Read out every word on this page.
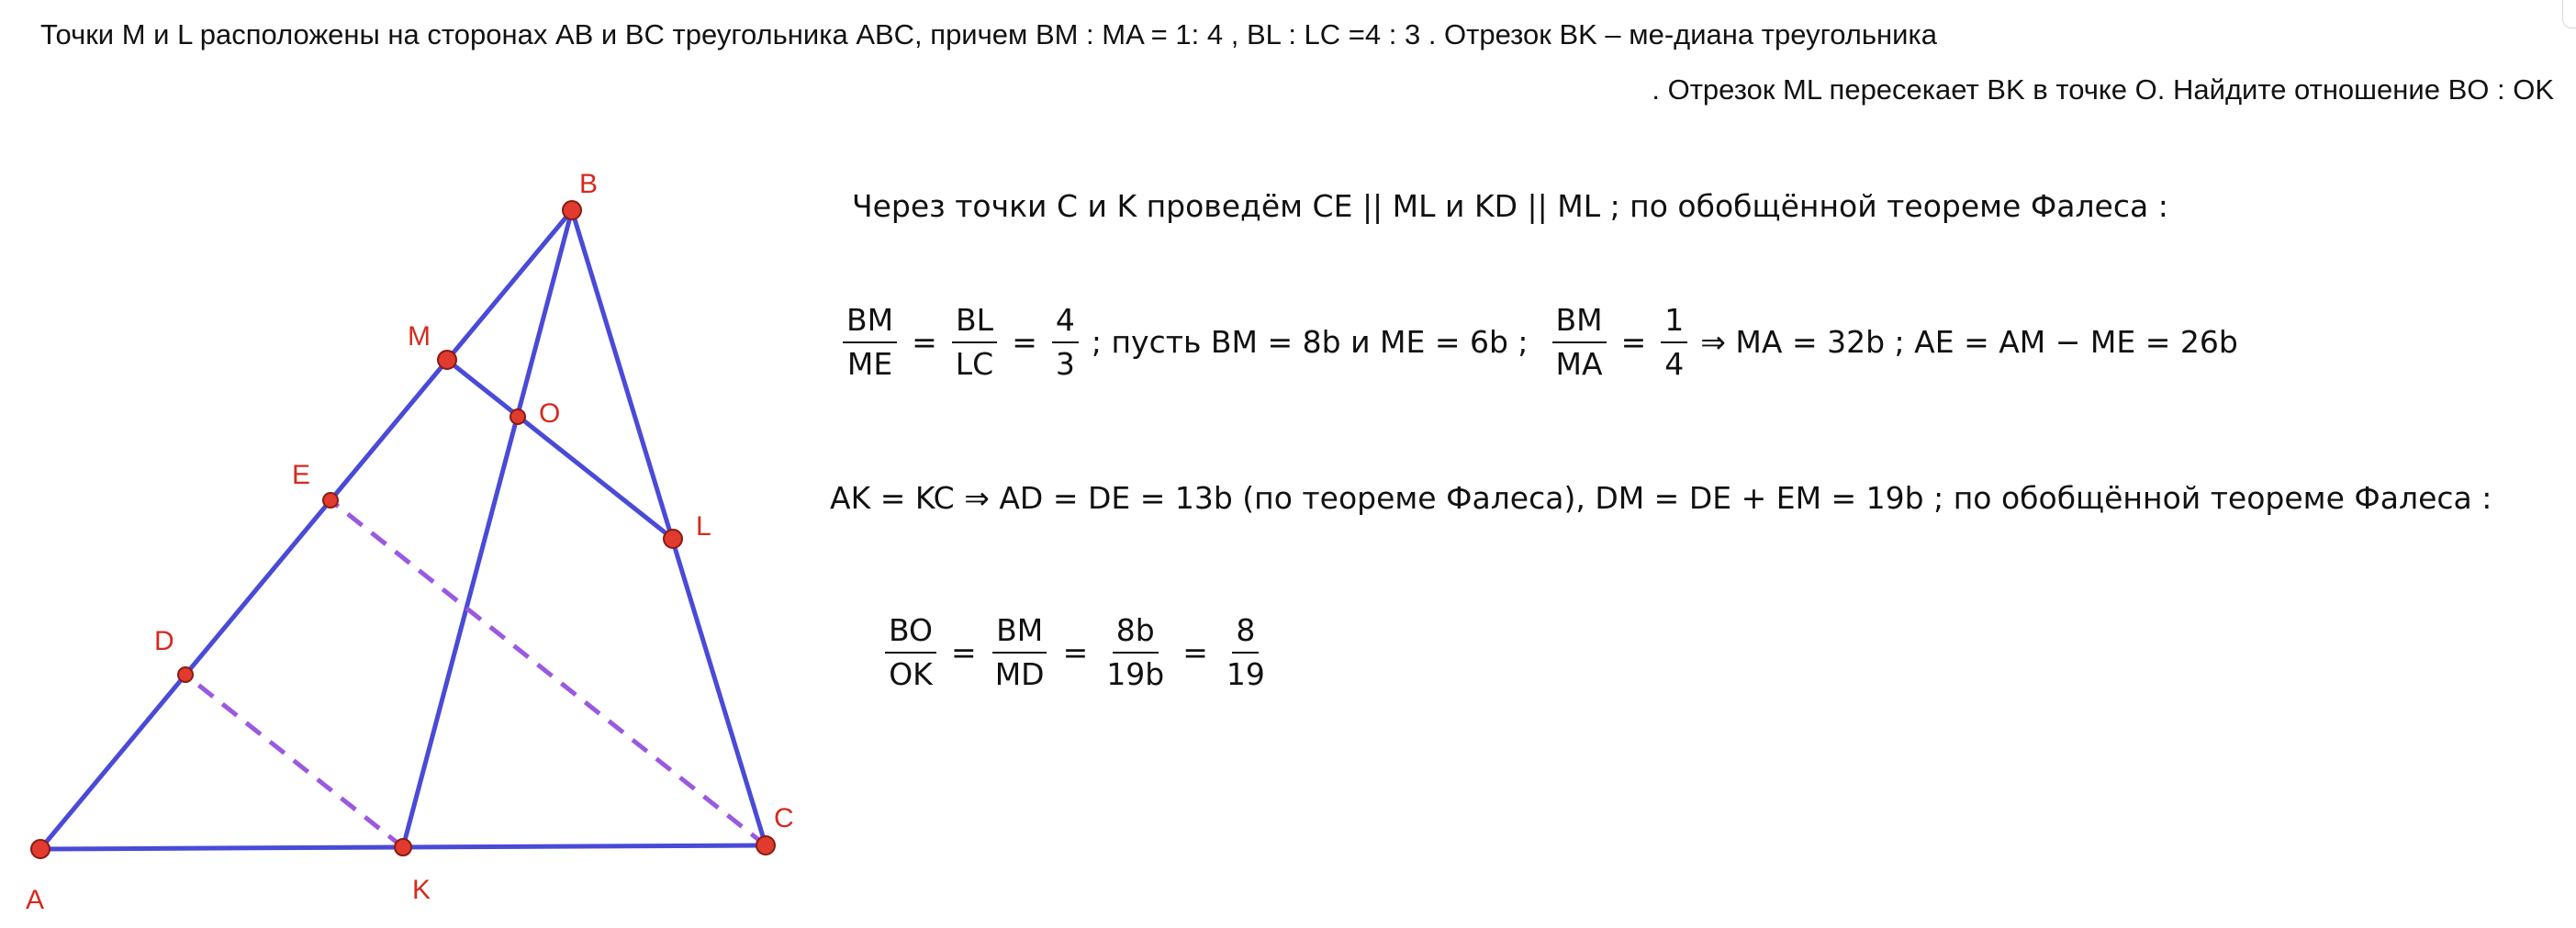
Точки M и L расположены на сторонах AB и BC треугольника ABC, причем BM : MA = 1: 4 , BL : LC =4 : 3 . Отрезок BK – ме-диана треугольника
. Отрезок ML пересекает BK в точке O. Найдите отношение BO : OK
A
B
C
M
L
K
O
E
D
Через точки C и K проведём CE || ML и KD || ML ; по обобщённой теореме Фалеса :
$\frac{BM}{ME} = \frac{BL}{LC} = \frac{4}{3}$ ; пусть BM = 8b и ME = 6b ; $\frac{BM}{MA} = \frac{1}{4}$ ⇒ MA = 32b ; AE = AM − ME = 26b
AK = KC ⇒ AD = DE = 13b (по теореме Фалеса), DM = DE + EM = 19b ; по обобщённой теореме Фалеса :
$\frac{BO}{OK} = \frac{BM}{MD} = \frac{8b}{19b} = \frac{8}{19}$
